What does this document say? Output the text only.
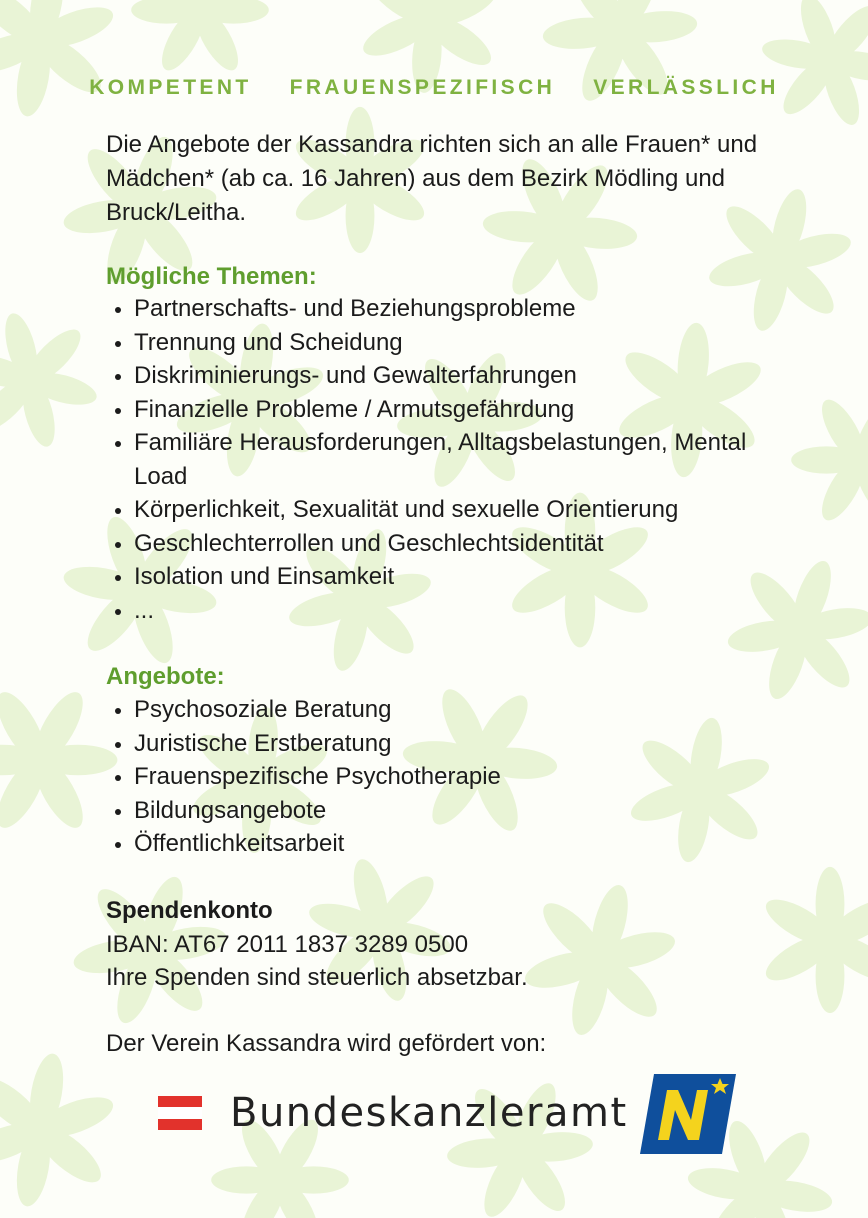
KOMPETENT FRAUENSPEZIFISCH VERLÄSSLICH

Die Angebote der Kassandra richten sich an alle Frauen* und Mädchen* (ab ca. 16 Jahren) aus dem Bezirk Mödling und Bruck/Leitha.

Mögliche Themen:
Partnerschafts- und Beziehungsprobleme
Trennung und Scheidung
Diskriminierungs- und Gewalterfahrungen
Finanzielle Probleme / Armutsgefährdung
Familiäre Herausforderungen, Alltagsbelastungen, Mental Load
Körperlichkeit, Sexualität und sexuelle Orientierung
Geschlechterrollen und Geschlechtsidentität
Isolation und Einsamkeit
...
Angebote:
Psychosoziale Beratung
Juristische Erstberatung
Frauenspezifische Psychotherapie
Bildungsangebote
Öffentlichkeitsarbeit
Spendenkonto
IBAN: AT67 2011 1837 3289 0500
Ihre Spenden sind steuerlich absetzbar.
Der Verein Kassandra wird gefördert von:
Bundeskanzleramt
